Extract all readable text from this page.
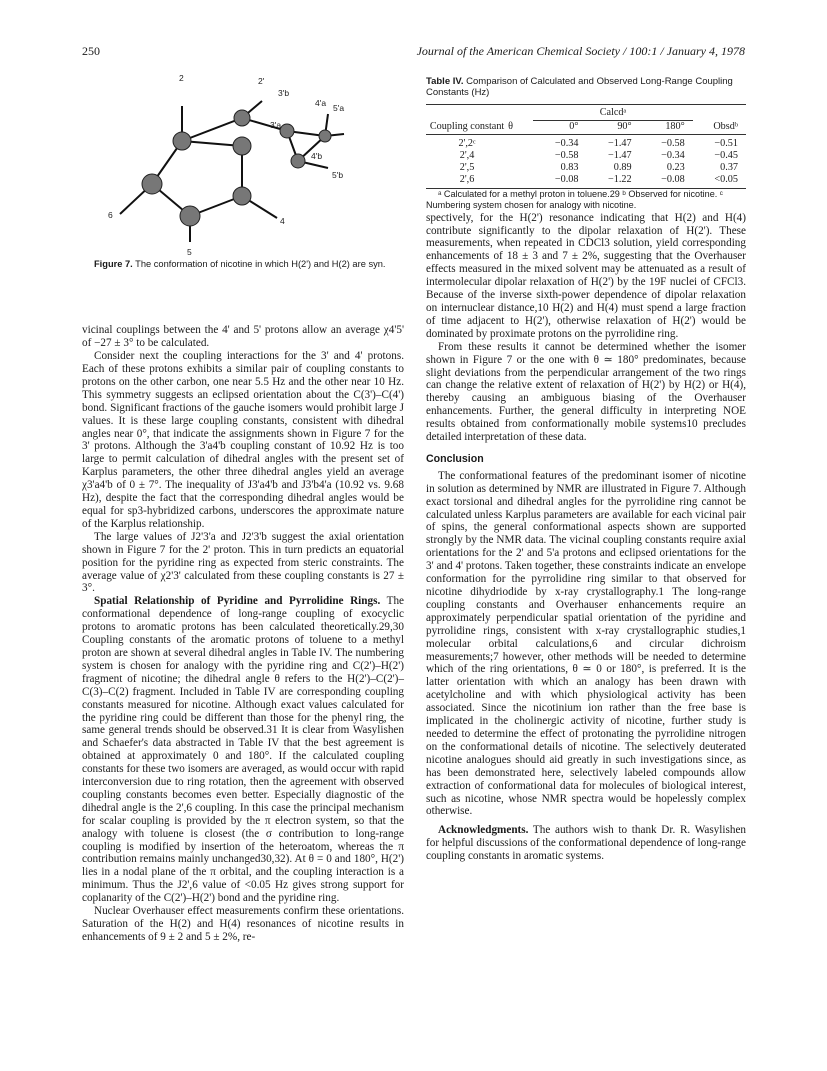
250	Journal of the American Chemical Society / 100:1 / January 4, 1978
2	2'
3'b
3'a
4'a
4'b
5'a
5'b
6
4
5

Figure 7. The conformation of nicotine in which H(2') and H(2) are syn.

vicinal couplings between the 4' and 5' protons allow an average χ4'5' of −27 ± 3° to be calculated.

Consider next the coupling interactions for the 3' and 4' protons. Each of these protons exhibits a similar pair of coupling constants to protons on the other carbon, one near 5.5 Hz and the other near 10 Hz. This symmetry suggests an eclipsed orientation about the C(3')–C(4') bond. Significant fractions of the gauche isomers would prohibit large J values. It is these large coupling constants, consistent with dihedral angles near 0°, that indicate the assignments shown in Figure 7 for the 3' protons. Although the 3'a4'b coupling constant of 10.92 Hz is too large to permit calculation of dihedral angles with the present set of Karplus parameters, the other three dihedral angles yield an average χ3'a4'b of 0 ± 7°. The inequality of J3'a4'b and J3'b4'a (10.92 vs. 9.68 Hz), despite the fact that the corresponding dihedral angles would be equal for sp3-hybridized carbons, underscores the approximate nature of the Karplus relationship.

The large values of J2'3'a and J2'3'b suggest the axial orientation shown in Figure 7 for the 2' proton. This in turn predicts an equatorial position for the pyridine ring as expected from steric constraints. The average value of χ2'3' calculated from these coupling constants is 27 ± 3°.

Spatial Relationship of Pyridine and Pyrrolidine Rings. The conformational dependence of long-range coupling of exocyclic protons to aromatic protons has been calculated theoretically.29,30 Coupling constants of the aromatic protons of toluene to a methyl proton are shown at several dihedral angles in Table IV. The numbering system is chosen for analogy with the pyridine ring and C(2')–H(2') fragment of nicotine; the dihedral angle θ refers to the H(2')–C(2')–C(3)–C(2) fragment. Included in Table IV are corresponding coupling constants measured for nicotine. Although exact values calculated for the pyridine ring could be different than those for the phenyl ring, the same general trends should be observed.31 It is clear from Wasylishen and Schaefer's data abstracted in Table IV that the best agreement is obtained at approximately 0 and 180°. If the calculated coupling constants for these two isomers are averaged, as would occur with rapid interconversion due to ring rotation, then the agreement with observed coupling constants becomes even better. Especially diagnostic of the dihedral angle is the 2',6 coupling. In this case the principal mechanism for scalar coupling is provided by the π electron system, so that the analogy with toluene is closest (the σ contribution to long-range coupling is modified by insertion of the heteroatom, whereas the π contribution remains mainly unchanged30,32). At θ = 0 and 180°, H(2') lies in a nodal plane of the π orbital, and the coupling interaction is a minimum. Thus the J2',6 value of <0.05 Hz gives strong support for coplanarity of the C(2')–H(2') bond and the pyridine ring.

Nuclear Overhauser effect measurements confirm these orientations. Saturation of the H(2) and H(4) resonances of nicotine results in enhancements of 9 ± 2 and 5 ± 2%, re-

Table IV. Comparison of Calculated and Observed Long-Range Coupling Constants (Hz)
		Calcdᵃ			
Coupling constant	θ	0°	90°	180°	Obsdᵇ
2',2ᶜ		−0.34	−1.47	−0.58	−0.51
2',4		−0.58	−1.47	−0.34	−0.45
2',5		0.83	0.89	0.23	0.37
2',6		−0.08	−1.22	−0.08	<0.05

ᵃ Calculated for a methyl proton in toluene.29 ᵇ Observed for nicotine. ᶜ Numbering system chosen for analogy with nicotine.

spectively, for the H(2') resonance indicating that H(2) and H(4) contribute significantly to the dipolar relaxation of H(2'). These measurements, when repeated in CDCl3 solution, yield corresponding enhancements of 18 ± 3 and 7 ± 2%, suggesting that the Overhauser effects measured in the mixed solvent may be attenuated as a result of intermolecular dipolar relaxation of H(2') by the 19F nuclei of CFCl3. Because of the inverse sixth-power dependence of dipolar relaxation on internuclear distance,10 H(2) and H(4) must spend a large fraction of time adjacent to H(2'), otherwise relaxation of H(2') would be dominated by proximate protons on the pyrrolidine ring.

From these results it cannot be determined whether the isomer shown in Figure 7 or the one with θ ≃ 180° predominates, because slight deviations from the perpendicular arrangement of the two rings can change the relative extent of relaxation of H(2') by H(2) or H(4), thereby causing an ambiguous biasing of the Overhauser enhancements. Further, the general difficulty in interpreting NOE results obtained from conformationally mobile systems10 precludes detailed interpretation of these data.

Conclusion

The conformational features of the predominant isomer of nicotine in solution as determined by NMR are illustrated in Figure 7. Although exact torsional and dihedral angles for the pyrrolidine ring cannot be calculated unless Karplus parameters are available for each vicinal pair of spins, the general conformational aspects shown are supported strongly by the NMR data. The vicinal coupling constants require axial orientations for the 2' and 5'a protons and eclipsed orientations for the 3' and 4' protons. Taken together, these constraints indicate an envelope conformation for the pyrrolidine ring similar to that observed for nicotine dihydriodide by x-ray crystallography.1 The long-range coupling constants and Overhauser enhancements require an approximately perpendicular spatial orientation of the pyridine and pyrrolidine rings, consistent with x-ray crystallographic studies,1 molecular orbital calculations,6 and circular dichroism measurements;7 however, other methods will be needed to determine which of the ring orientations, θ ≃ 0 or 180°, is preferred. It is the latter orientation with which an analogy has been drawn with acetylcholine and with which physiological activity has been associated. Since the nicotinium ion rather than the free base is implicated in the cholinergic activity of nicotine, further study is needed to determine the effect of protonating the pyrrolidine nitrogen on the conformational details of nicotine. The selectively deuterated nicotine analogues should aid greatly in such investigations since, as has been demonstrated here, selectively labeled compounds allow extraction of conformational data for molecules of biological interest, such as nicotine, whose NMR spectra would be hopelessly complex otherwise.

Acknowledgments. The authors wish to thank Dr. R. Wasylishen for helpful discussions of the conformational dependence of long-range coupling constants in aromatic systems.
